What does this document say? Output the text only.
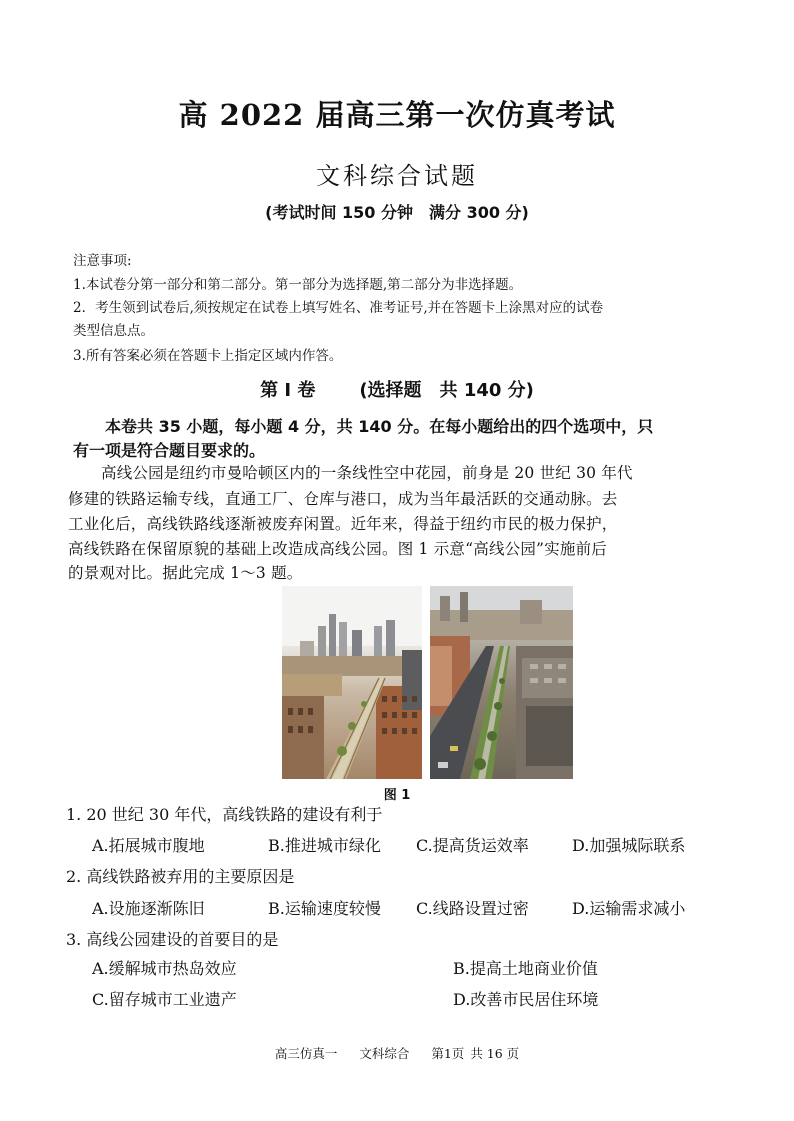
高 2022 届高三第一次仿真考试
文科综合试题
(考试时间 150 分钟　满分 300 分)
注意事项:
1.本试卷分第一部分和第二部分。第一部分为选择题,第二部分为非选择题。
2．考生领到试卷后,须按规定在试卷上填写姓名、准考证号,并在答题卡上涂黑对应的试卷
类型信息点。
3.所有答案必须在答题卡上指定区域内作答。
第 Ⅰ 卷 (选择题　共 140 分)
本卷共 35 小题，每小题 4 分，共 140 分。在每小题给出的四个选项中，只
有一项是符合题目要求的。
高线公园是纽约市曼哈顿区内的一条线性空中花园，前身是 20 世纪 30 年代
修建的铁路运输专线，直通工厂、仓库与港口，成为当年最活跃的交通动脉。去
工业化后，高线铁路线逐渐被废弃闲置。近年来，得益于纽约市民的极力保护，
高线铁路在保留原貌的基础上改造成高线公园。图 1 示意“高线公园”实施前后
的景观对比。据此完成 1～3 题。
图 1
1. 20 世纪 30 年代，高线铁路的建设有利于
A.拓展城市腹地	B.推进城市绿化 C.提高货运效率	D.加强城际联系
2. 高线铁路被弃用的主要原因是
A.设施逐渐陈旧	B.运输速度较慢 C.线路设置过密	D.运输需求减小
3. 高线公园建设的首要目的是
A.缓解城市热岛效应	B.提高土地商业价值
C.留存城市工业遗产	D.改善市民居住环境
高三仿真一 文科综合 第1页 共 16 页
